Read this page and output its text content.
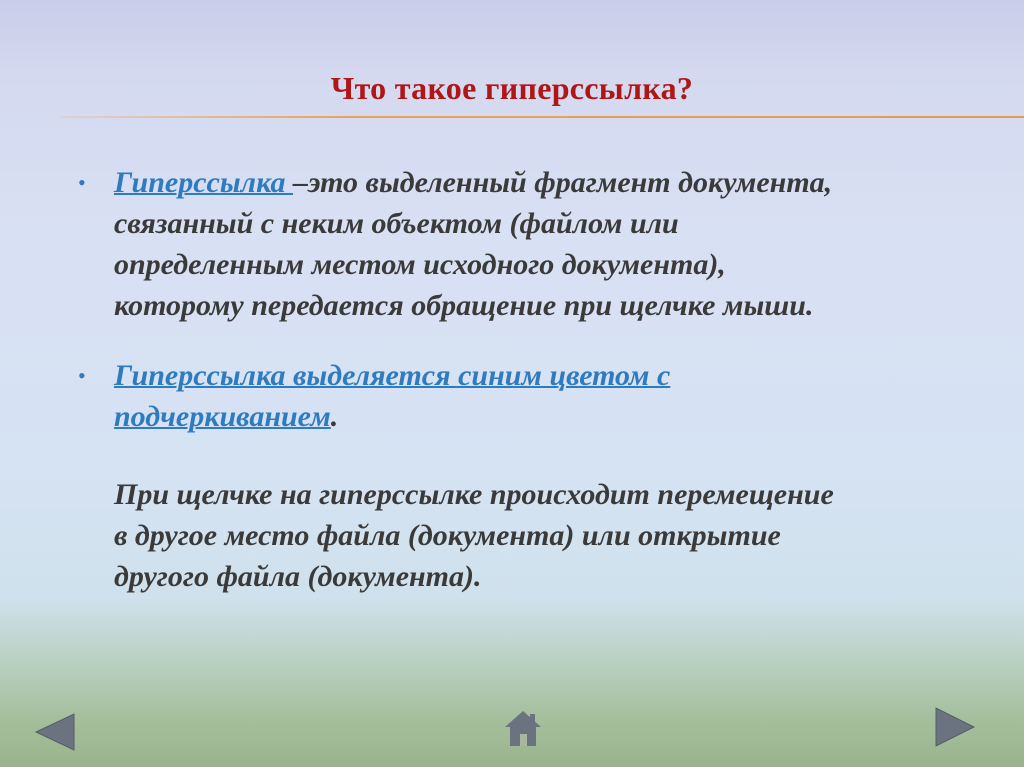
Что такое гиперссылка?
• Гиперссылка –это выделенный фрагмент документа,
связанный с неким объектом (файлом или
определенным местом исходного документа),
которому передается обращение при щелчке мыши.
• Гиперссылка выделяется синим цветом с
подчеркиванием.
При щелчке на гиперссылке происходит перемещение
в другое место файла (документа) или открытие
другого файла (документа).
